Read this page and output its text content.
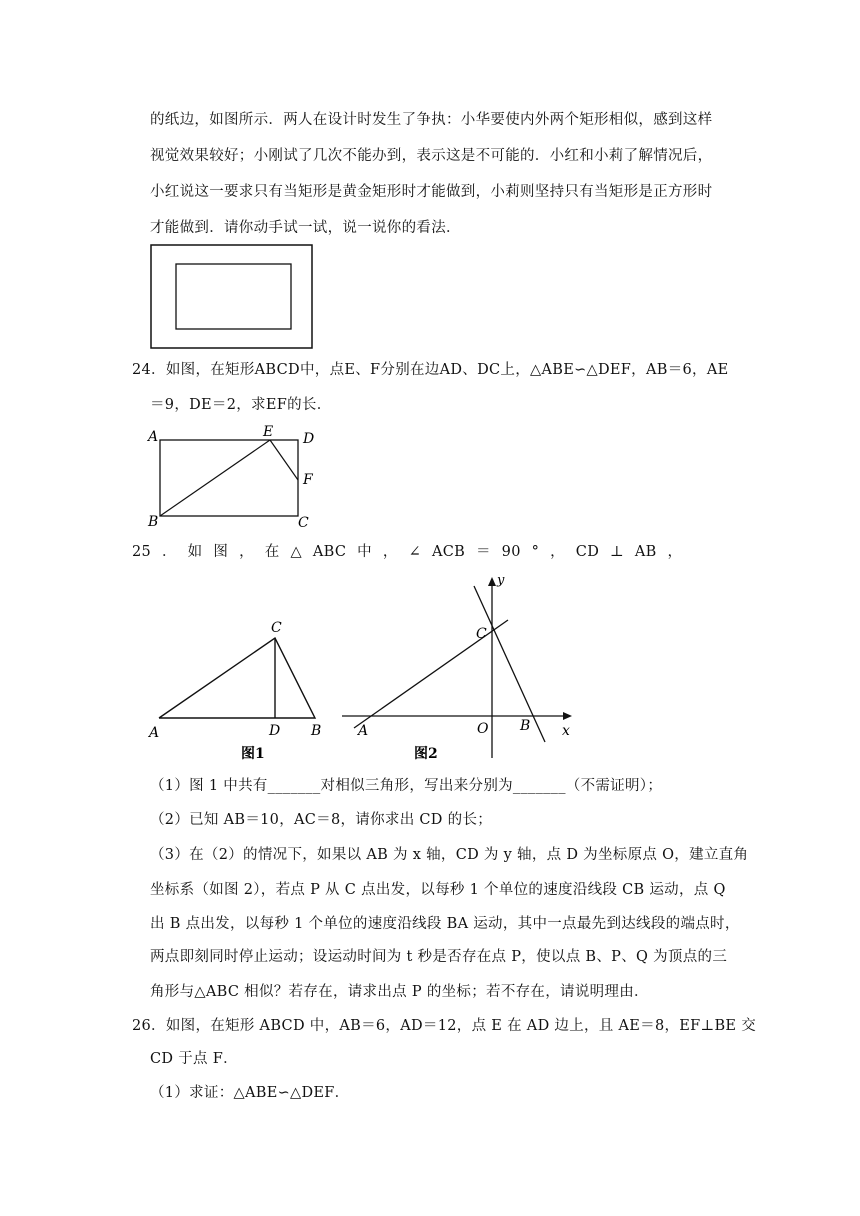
的纸边，如图所示．两人在设计时发生了争执：小华要使内外两个矩形相似，感到这样
视觉效果较好；小刚试了几次不能办到，表示这是不可能的．小红和小莉了解情况后，
小红说这一要求只有当矩形是黄金矩形时才能做到，小莉则坚持只有当矩形是正方形时
才能做到．请你动手试一试，说一说你的看法．
24．如图，在矩形ABCD中，点E、F分别在边AD、DC上，△ABE∽△DEF，AB＝6，AE
＝9，DE＝2，求EF的长．
A	E D
F
B	C
25 ． 如 图 ， 在 △ ABC 中 ， ∠ ACB ＝ 90 ° ， CD ⊥ AB ，
C
A	D B
图1
y
C
A	O B x
图2
（1）图 1 中共有_______对相似三角形，写出来分别为_______（不需证明）；
（2）已知 AB＝10，AC＝8，请你求出 CD 的长；
（3）在（2）的情况下，如果以 AB 为 x 轴，CD 为 y 轴，点 D 为坐标原点 O，建立直角
坐标系（如图 2），若点 P 从 C 点出发，以每秒 1 个单位的速度沿线段 CB 运动，点 Q
出 B 点出发，以每秒 1 个单位的速度沿线段 BA 运动，其中一点最先到达线段的端点时，
两点即刻同时停止运动；设运动时间为 t 秒是否存在点 P，使以点 B、P、Q 为顶点的三
角形与△ABC 相似？若存在，请求出点 P 的坐标；若不存在，请说明理由．
26．如图，在矩形 ABCD 中，AB＝6，AD＝12，点 E 在 AD 边上，且 AE＝8，EF⊥BE 交
CD 于点 F．
（1）求证：△ABE∽△DEF．
